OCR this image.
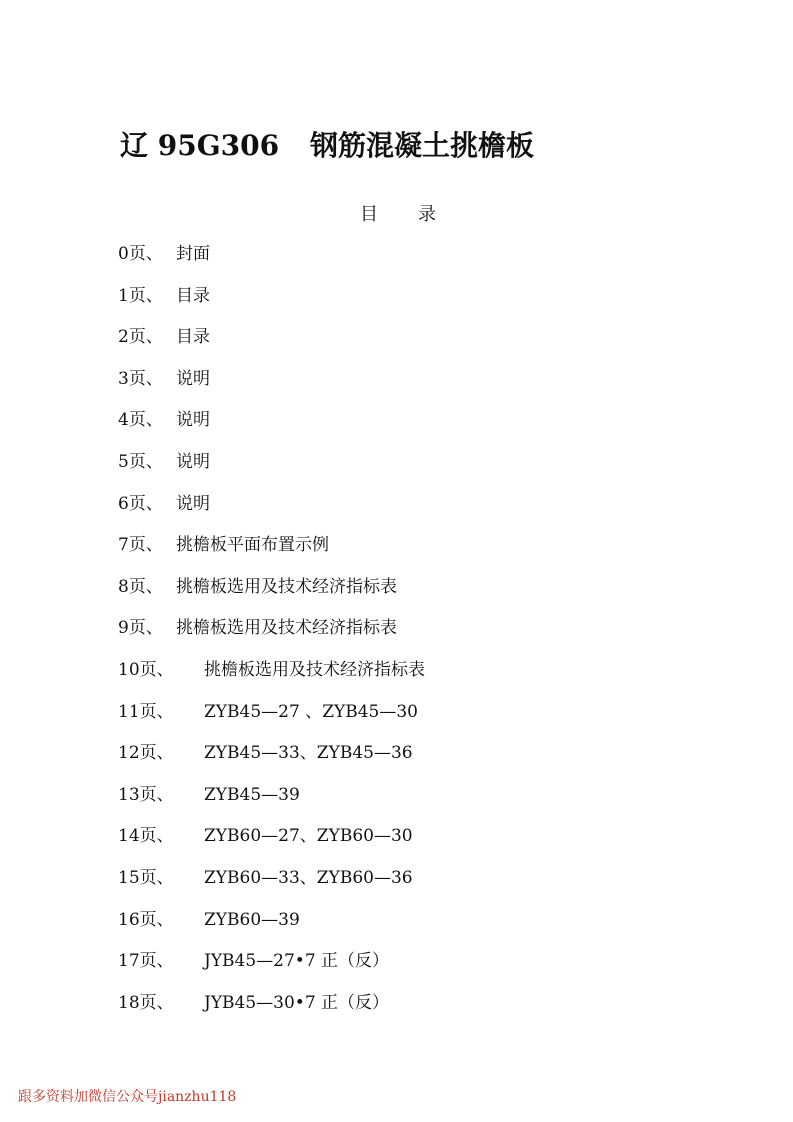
辽 95G306 钢筋混凝土挑檐板
目 录
0页、 封面
1页、 目录
2页、 目录
3页、 说明
4页、 说明
5页、 说明
6页、 说明
7页、 挑檐板平面布置示例
8页、 挑檐板选用及技术经济指标表
9页、 挑檐板选用及技术经济指标表
10页、	挑檐板选用及技术经济指标表
11页、	ZYB45—27 、ZYB45—30
12页、	ZYB45—33、ZYB45—36
13页、	ZYB45—39
14页、	ZYB60—27、ZYB60—30
15页、	ZYB60—33、ZYB60—36
16页、	ZYB60—39
17页、	JYB45—27•7 正（反）
18页、	JYB45—30•7 正（反）
跟多资料加微信公众号jianzhu118
